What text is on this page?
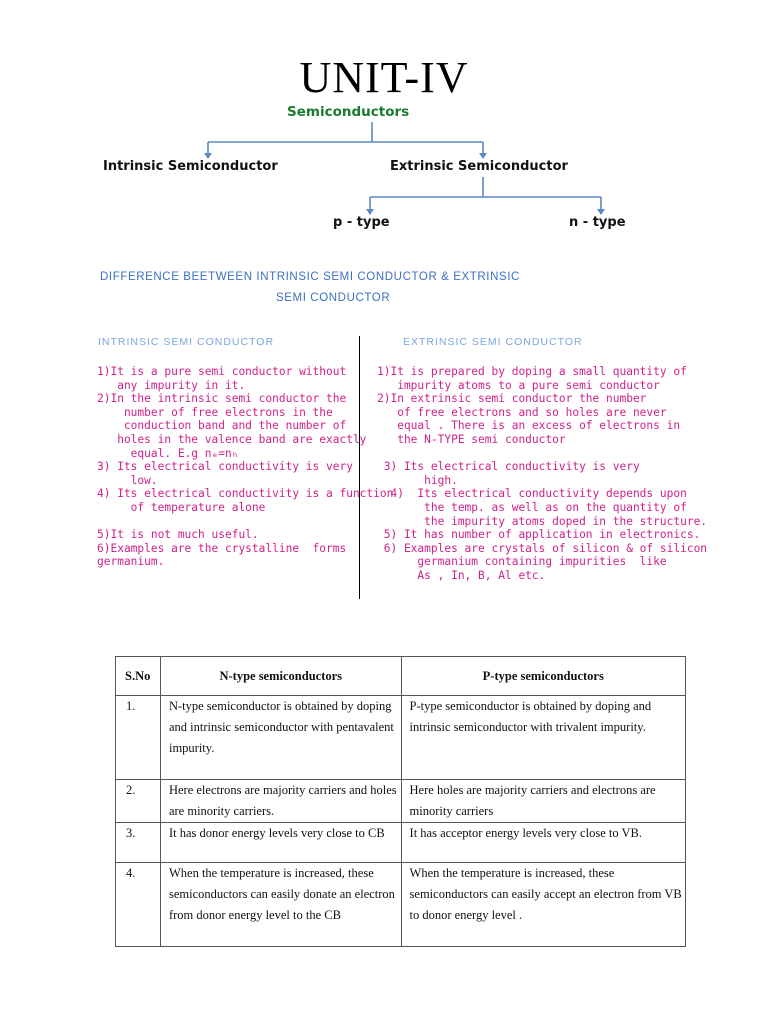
UNIT-IV
Semiconductors
Intrinsic Semiconductor	Extrinsic Semiconductor
p - type	n - type
DIFFERENCE BEETWEEN INTRINSIC SEMI CONDUCTOR & EXTRINSIC
SEMI CONDUCTOR
INTRINSIC SEMI CONDUCTOR	EXTRINSIC SEMI CONDUCTOR
1)It is a pure semi conductor without
any impurity in it.
2)In the intrinsic semi conductor the
number of free electrons in the
conduction band and the number of
holes in the valence band are exactly
equal. E.g nₑ=nₕ
3) Its electrical conductivity is very
low.
4) Its electrical conductivity is a function
of temperature alone

5)It is not much useful.
6)Examples are the crystalline  forms
germanium.
1)It is prepared by doping a small quantity of
impurity atoms to a pure semi conductor
2)In extrinsic semi conductor the number
of free electrons and so holes are never
equal . There is an excess of electrons in
the N-TYPE semi conductor

3) Its electrical conductivity is very
high.
4)  Its electrical conductivity depends upon
the temp. as well as on the quantity of
the impurity atoms doped in the structure.
5) It has number of application in electronics.
6) Examples are crystals of silicon & of silicon
germanium containing impurities  like
As , In, B, Al etc.
S.No	N-type semiconductors	P-type semiconductors
1.	N-type semiconductor is obtained by doping and intrinsic semiconductor with pentavalent impurity.	P-type semiconductor is obtained by doping and intrinsic semiconductor with trivalent impurity.
2.	Here electrons are majority carriers and holes are minority carriers.	Here holes are majority carriers and electrons are minority carriers
3.	It has donor energy levels very close to CB	It has acceptor energy levels very close to VB.
4.	When the temperature is increased, these semiconductors can easily donate an electron from donor energy level to the CB	When the temperature is increased, these semiconductors can easily accept an electron from VB to donor energy level .
